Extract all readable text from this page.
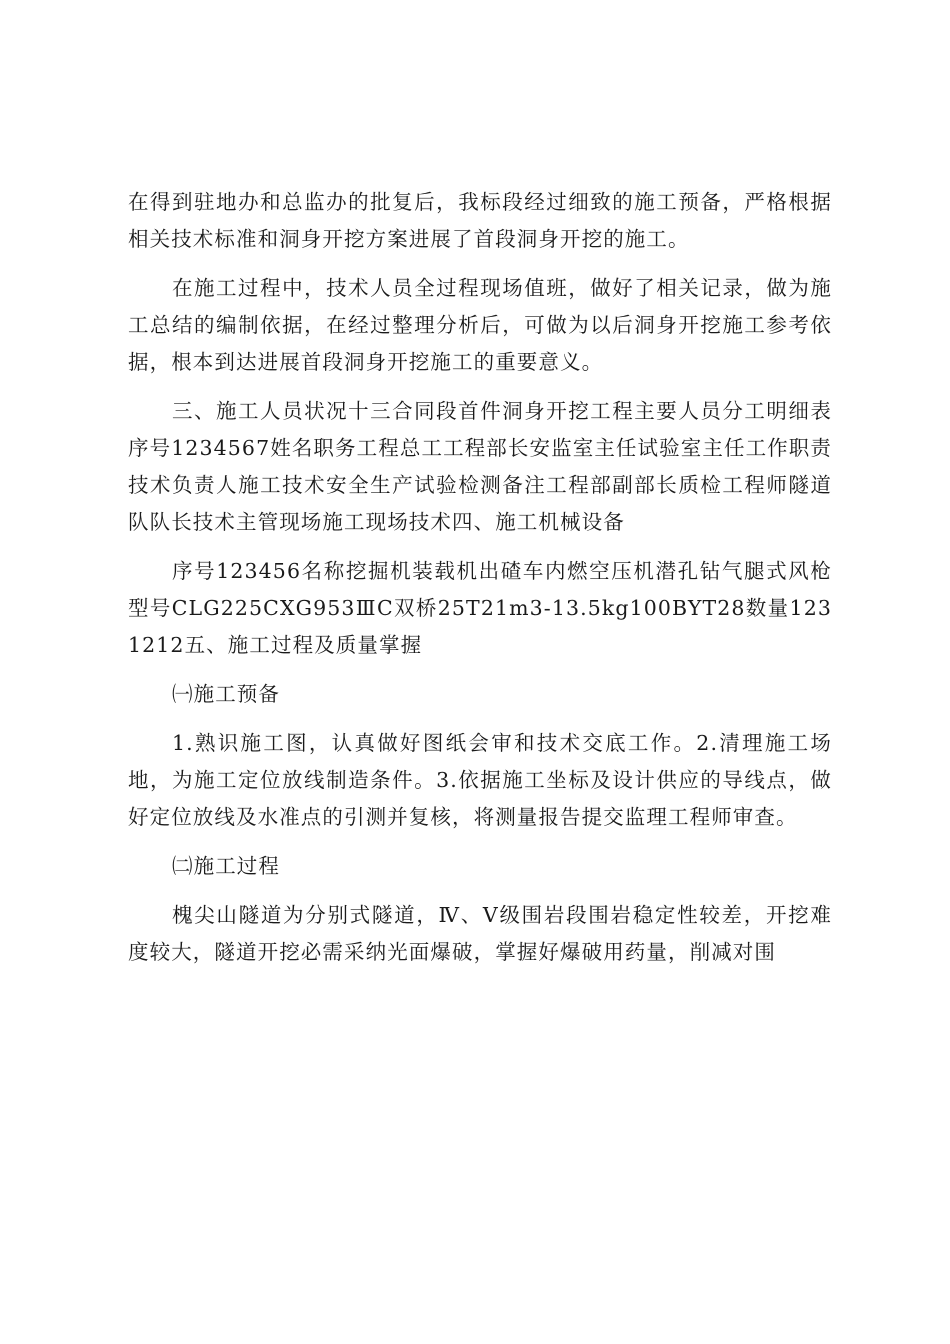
在得到驻地办和总监办的批复后，我标段经过细致的施工预备，严格根据相关技术标准和洞身开挖方案进展了首段洞身开挖的施工。

在施工过程中，技术人员全过程现场值班，做好了相关记录，做为施工总结的编制依据，在经过整理分析后，可做为以后洞身开挖施工参考依据，根本到达进展首段洞身开挖施工的重要意义。

三、施工人员状况十三合同段首件洞身开挖工程主要人员分工明细表序号1234567姓名职务工程总工工程部长安监室主任试验室主任工作职责技术负责人施工技术安全生产试验检测备注工程部副部长质检工程师隧道队队长技术主管现场施工现场技术四、施工机械设备

序号123456名称挖掘机装载机出碴车内燃空压机潜孔钻气腿式风枪型号CLG225CXG953ⅢC双桥25T21m3-13.5kg100BYT28数量1231212五、施工过程及质量掌握

㈠施工预备

1.熟识施工图，认真做好图纸会审和技术交底工作。2.清理施工场地，为施工定位放线制造条件。3.依据施工坐标及设计供应的导线点，做好定位放线及水准点的引测并复核，将测量报告提交监理工程师审查。

㈡施工过程

槐尖山隧道为分别式隧道，Ⅳ、Ⅴ级围岩段围岩稳定性较差，开挖难度较大，隧道开挖必需采纳光面爆破，掌握好爆破用药量，削减对围
